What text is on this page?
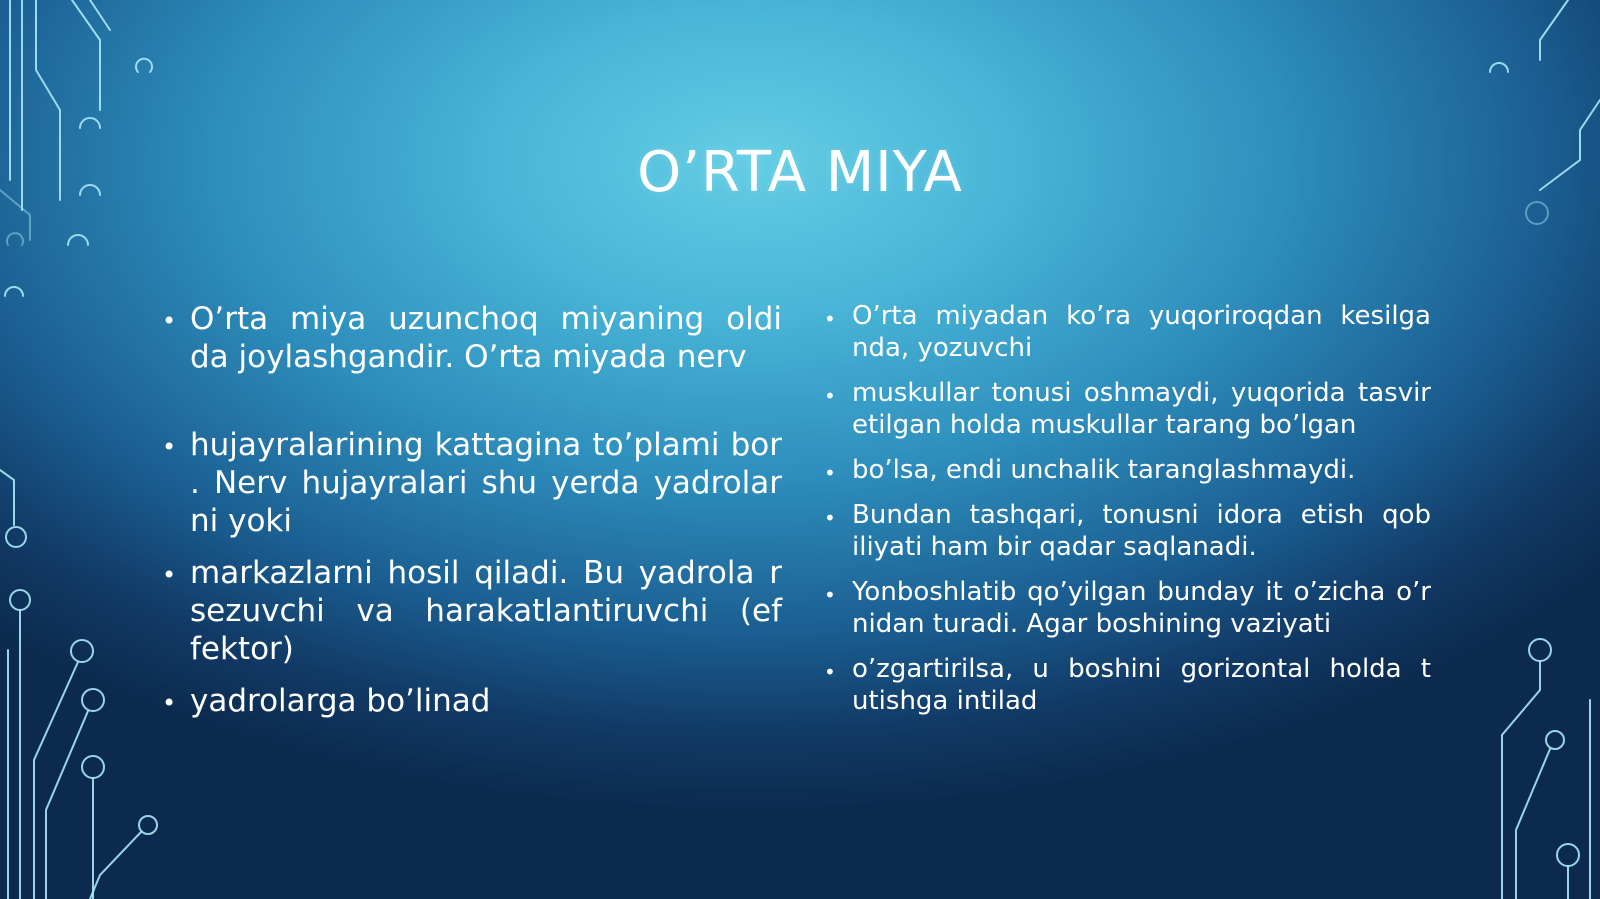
O’RTA MIYA
• O’rta miya uzunchoq miyaning oldi da joylashgandir. O’rta miyada nerv
• hujayralarining kattagina to’plami bor . Nerv hujayralari shu yerda yadrolar ni yoki
• markazlarni hosil qiladi. Bu yadrola r sezuvchi va harakatlantiruvchi (ef fektor)
• yadrolarga bo’linad
• O’rta miyadan ko’ra yuqoriroqdan kesilga nda, yozuvchi
• muskullar tonusi oshmaydi, yuqorida tasvir etilgan holda muskullar tarang bo’lgan
• bo’lsa, endi unchalik taranglashmaydi.
• Bundan tashqari, tonusni idora etish qob iliyati ham bir qadar saqlanadi.
• Yonboshlatib qo’yilgan bunday it o’zicha o’r nidan turadi. Agar boshining vaziyati
• o’zgartirilsa, u boshini gorizontal holda t utishga intilad
